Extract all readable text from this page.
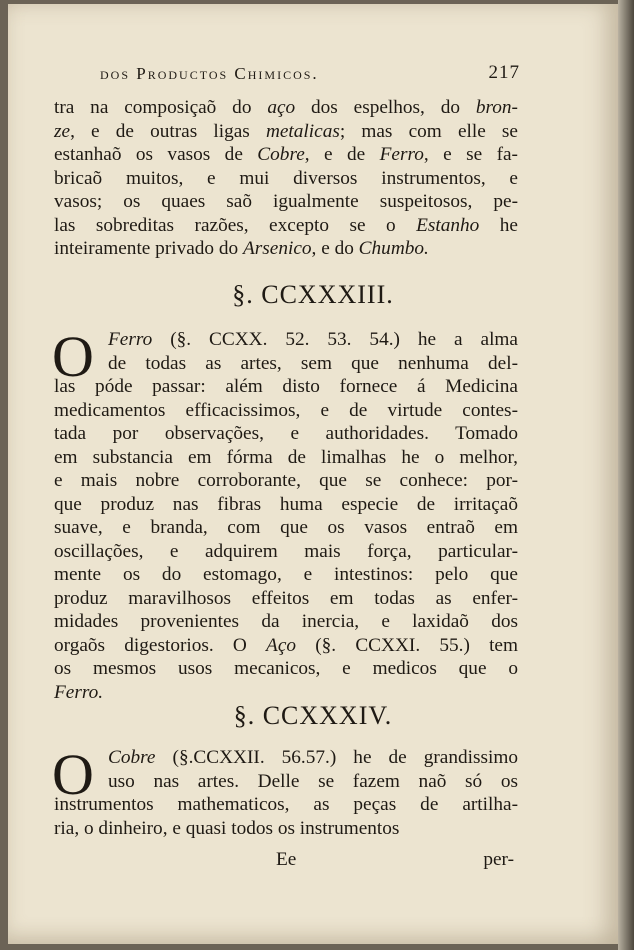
dos Productos Chimicos.	217
tra na composiçaõ do aço dos espelhos, do bron-
ze, e de outras ligas metalicas; mas com elle se
estanhaõ os vasos de Cobre, e de Ferro, e se fa-
bricaõ muitos, e mui diversos instrumentos, e
vasos; os quaes saõ igualmente suspeitosos, pe-
las sobreditas razões, excepto se o Estanho he
inteiramente privado do Arsenico, e do Chumbo.
§. CCXXXIII.
O Ferro (§. CCXX. 52. 53. 54.) he a alma
de todas as artes, sem que nenhuma del-
las póde passar: além disto fornece á Medicina
medicamentos efficacissimos, e de virtude contes-
tada por observações, e authoridades. Tomado
em substancia em fórma de limalhas he o melhor,
e mais nobre corroborante, que se conhece: por-
que produz nas fibras huma especie de irritaçaõ
suave, e branda, com que os vasos entraõ em
oscillações, e adquirem mais força, particular-
mente os do estomago, e intestinos: pelo que
produz maravilhosos effeitos em todas as enfer-
midades provenientes da inercia, e laxidaõ dos
orgaõs digestorios. O Aço (§. CCXXI. 55.) tem
os mesmos usos mecanicos, e medicos que o
Ferro.
§. CCXXXIV.
O Cobre (§.CCXXII. 56.57.) he de grandissimo
uso nas artes. Delle se fazem naõ só os
instrumentos mathematicos, as peças de artilha-
ria, o dinheiro, e quasi todos os instrumentos
Ee	per-
